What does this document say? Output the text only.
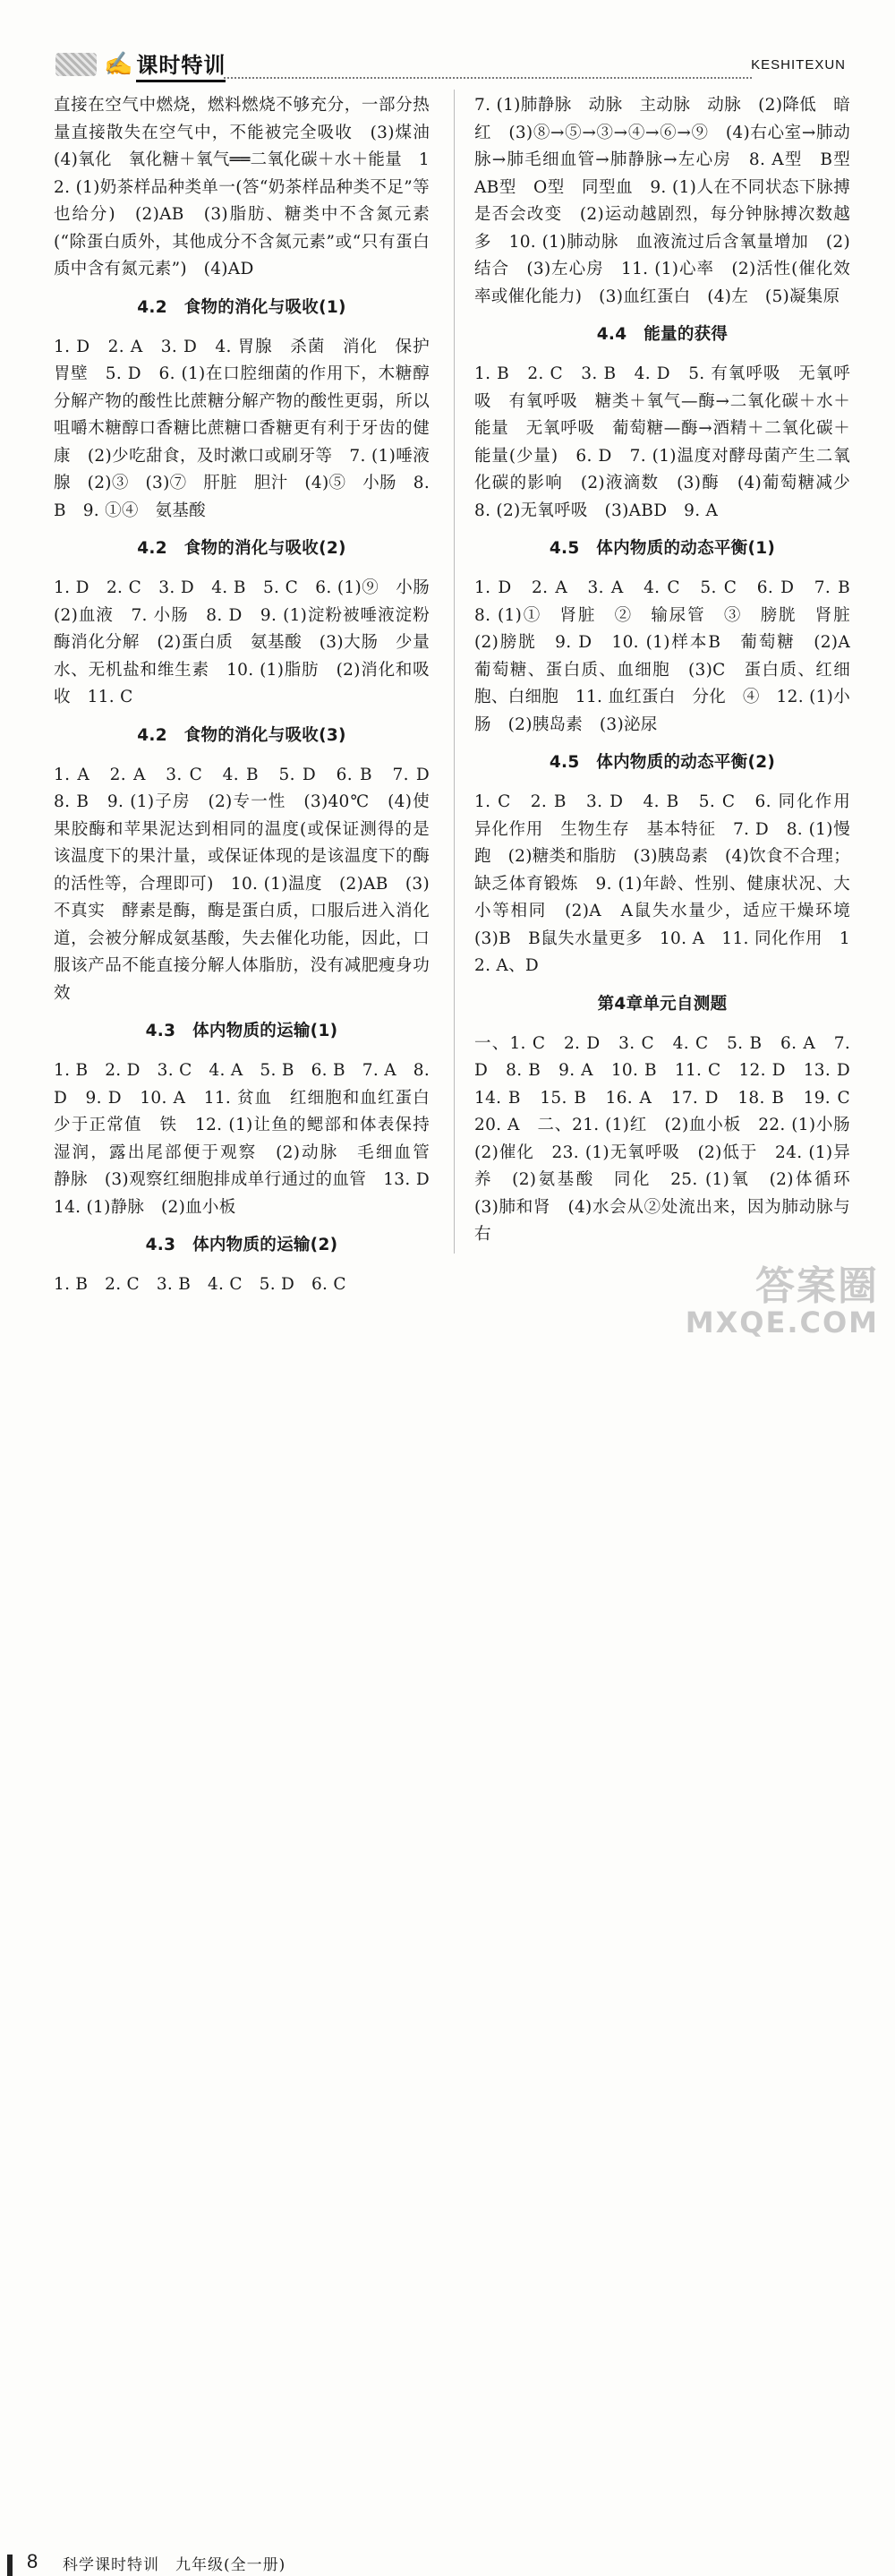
✍ 课时特训	KESHITEXUN
直接在空气中燃烧，燃料燃烧不够充分，一部分热量直接散失在空气中，不能被完全吸收　(3)煤油　(4)氧化　氧化糖＋氧气══二氧化碳＋水＋能量　12. (1)奶茶样品种类单一(答“奶茶样品种类不足”等也给分)　(2)AB　(3)脂肪、糖类中不含氮元素(“除蛋白质外，其他成分不含氮元素”或“只有蛋白质中含有氮元素”)　(4)AD
4.2　食物的消化与吸收(1)
1. D　2. A　3. D　4. 胃腺　杀菌　消化　保护胃壁　5. D　6. (1)在口腔细菌的作用下，木糖醇分解产物的酸性比蔗糖分解产物的酸性更弱，所以咀嚼木糖醇口香糖比蔗糖口香糖更有利于牙齿的健康　(2)少吃甜食，及时漱口或刷牙等　7. (1)唾液腺　(2)③　(3)⑦　肝脏　胆汁　(4)⑤　小肠　8. B　9. ①④　氨基酸
4.2　食物的消化与吸收(2)
1. D　2. C　3. D　4. B　5. C　6. (1)⑨　小肠　(2)血液　7. 小肠　8. D　9. (1)淀粉被唾液淀粉酶消化分解　(2)蛋白质　氨基酸　(3)大肠　少量水、无机盐和维生素　10. (1)脂肪　(2)消化和吸收　11. C
4.2　食物的消化与吸收(3)
1. A　2. A　3. C　4. B　5. D　6. B　7. D　8. B　9. (1)子房　(2)专一性　(3)40℃　(4)使果胶酶和苹果泥达到相同的温度(或保证测得的是该温度下的果汁量，或保证体现的是该温度下的酶的活性等，合理即可)　10. (1)温度　(2)AB　(3)不真实　酵素是酶，酶是蛋白质，口服后进入消化道，会被分解成氨基酸，失去催化功能，因此，口服该产品不能直接分解人体脂肪，没有减肥瘦身功效
4.3　体内物质的运输(1)
1. B　2. D　3. C　4. A　5. B　6. B　7. A　8. D　9. D　10. A　11. 贫血　红细胞和血红蛋白少于正常值　铁　12. (1)让鱼的鳃部和体表保持湿润，露出尾部便于观察　(2)动脉　毛细血管　静脉　(3)观察红细胞排成单行通过的血管　13. D　14. (1)静脉　(2)血小板
4.3　体内物质的运输(2)
1. B　2. C　3. B　4. C　5. D　6. C
7. (1)肺静脉　动脉　主动脉　动脉　(2)降低　暗红　(3)⑧→⑤→③→④→⑥→⑨　(4)右心室→肺动脉→肺毛细血管→肺静脉→左心房　8. A型　B型　AB型　O型　同型血　9. (1)人在不同状态下脉搏是否会改变　(2)运动越剧烈，每分钟脉搏次数越多　10. (1)肺动脉　血液流过后含氧量增加　(2)结合　(3)左心房　11. (1)心率　(2)活性(催化效率或催化能力)　(3)血红蛋白　(4)左　(5)凝集原
4.4　能量的获得
1. B　2. C　3. B　4. D　5. 有氧呼吸　无氧呼吸　有氧呼吸　糖类＋氧气—酶→二氧化碳＋水＋能量　无氧呼吸　葡萄糖—酶→酒精＋二氧化碳＋能量(少量)　6. D　7. (1)温度对酵母菌产生二氧化碳的影响　(2)液滴数　(3)酶　(4)葡萄糖减少　8. (2)无氧呼吸　(3)ABD　9. A
4.5　体内物质的动态平衡(1)
1. D　2. A　3. A　4. C　5. C　6. D　7. B　8. (1)①　肾脏　②　输尿管　③　膀胱　肾脏　(2)膀胱　9. D　10. (1)样本B　葡萄糖　(2)A　葡萄糖、蛋白质、血细胞　(3)C　蛋白质、红细胞、白细胞　11. 血红蛋白　分化　④　12. (1)小肠　(2)胰岛素　(3)泌尿
4.5　体内物质的动态平衡(2)
1. C　2. B　3. D　4. B　5. C　6. 同化作用　异化作用　生物生存　基本特征　7. D　8. (1)慢跑　(2)糖类和脂肪　(3)胰岛素　(4)饮食不合理；缺乏体育锻炼　9. (1)年龄、性别、健康状况、大小等相同　(2)A　A鼠失水量少，适应干燥环境　(3)B　B鼠失水量更多　10. A　11. 同化作用　12. A、D
第4章单元自测题
一、1. C　2. D　3. C　4. C　5. B　6. A　7. D　8. B　9. A　10. B　11. C　12. D　13. D　14. B　15. B　16. A　17. D　18. B　19. C　20. A　二、21. (1)红　(2)血小板　22. (1)小肠　(2)催化　23. (1)无氧呼吸　(2)低于　24. (1)异养　(2)氨基酸　同化　25. (1)氧　(2)体循环　(3)肺和肾　(4)水会从②处流出来，因为肺动脉与右
8 科学课时特训　九年级(全一册)
答案圈
MXQE.COM
